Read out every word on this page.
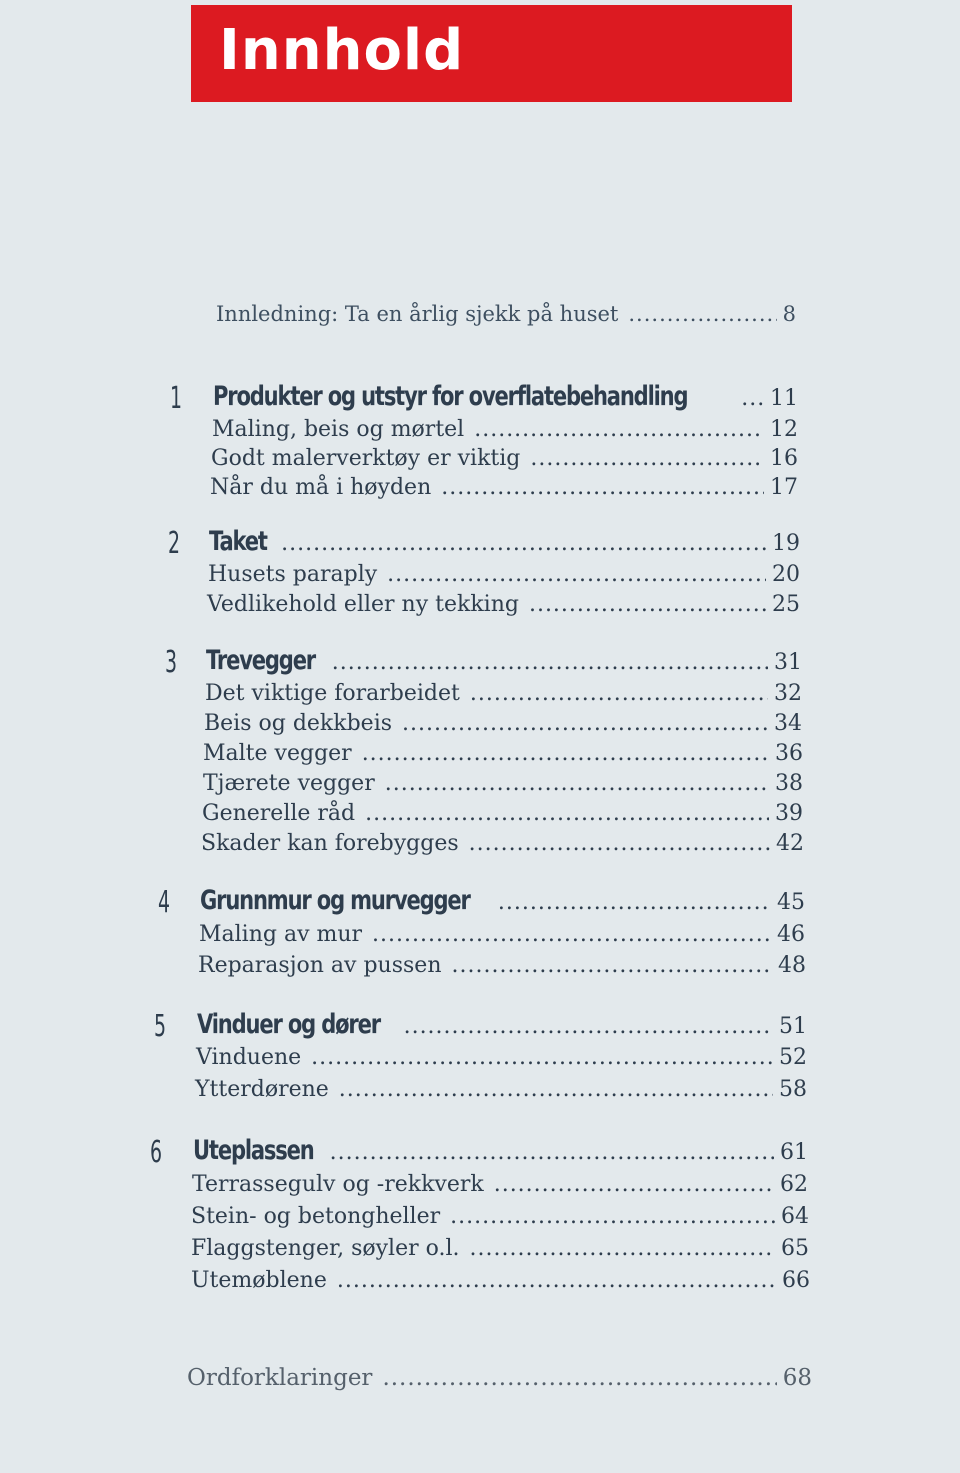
Innhold
Innledning: Ta en årlig sjekk på huset .....	8
1 Produkter og utstyr for overflatebehandling .....	11
Maling, beis og mørtel .....	12
Godt malerverktøy er viktig .....	16
Når du må i høyden .....	17
2 Taket .....	19
Husets paraply .....	20
Vedlikehold eller ny tekking .....	25
3 Trevegger .....	31
Det viktige forarbeidet .....	32
Beis og dekkbeis .....	34
Malte vegger .....	36
Tjærete vegger .....	38
Generelle råd .....	39
Skader kan forebygges .....	42
4 Grunnmur og murvegger .....	45
Maling av mur .....	46
Reparasjon av pussen .....	48
5 Vinduer og dører .....	51
Vinduene .....	52
Ytterdørene .....	58
6 Uteplassen .....	61
Terrassegulv og -rekkverk .....	62
Stein- og betongheller .....	64
Flaggstenger, søyler o.l. .....	65
Utemøblene .....	66
Ordforklaringer .....	68
